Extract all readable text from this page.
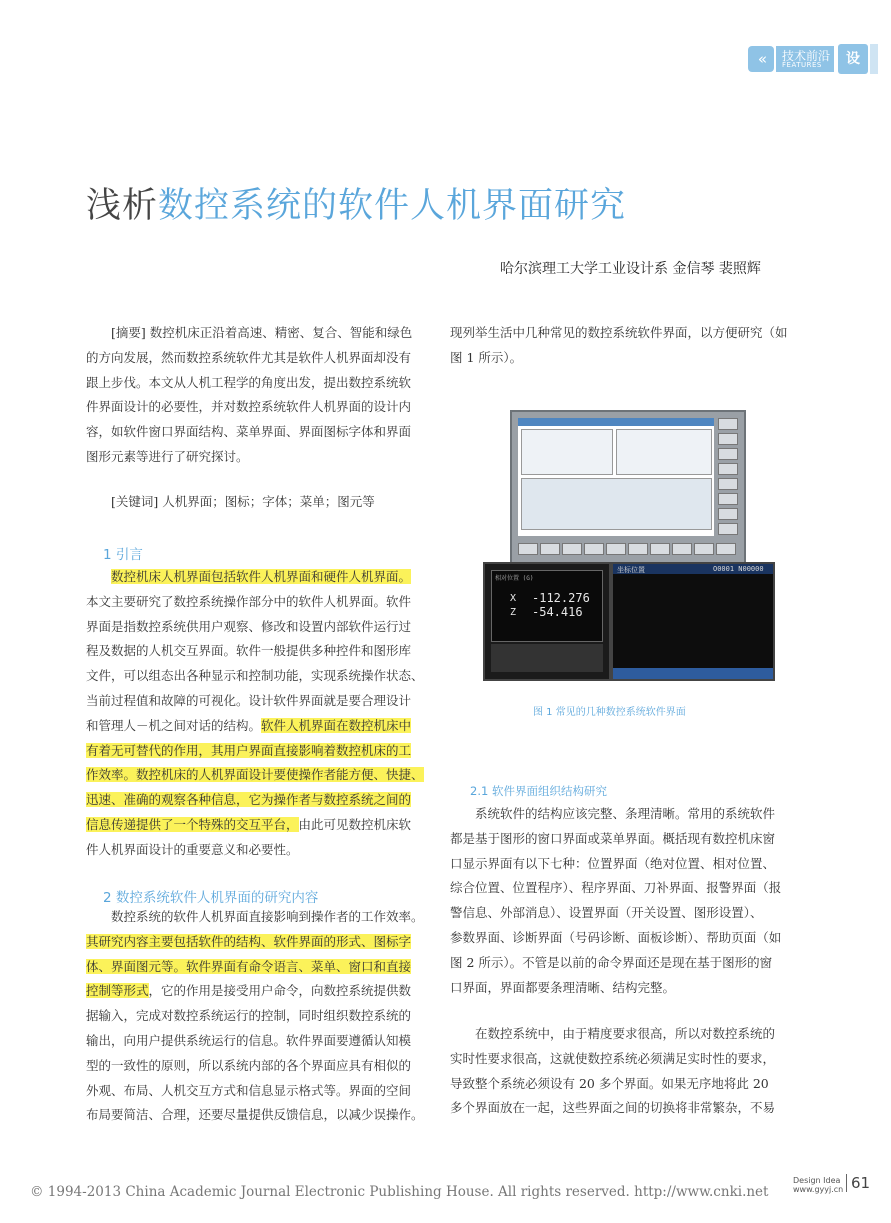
«	技术前沿
FEATURES	设
浅析数控系统的软件人机界面研究
哈尔滨理工大学工业设计系 金信琴 裴照辉
　　[摘要] 数控机床正沿着高速、精密、复合、智能和绿色
的方向发展，然而数控系统软件尤其是软件人机界面却没有
跟上步伐。本文从人机工程学的角度出发，提出数控系统软
件界面设计的必要性，并对数控系统软件人机界面的设计内
容，如软件窗口界面结构、菜单界面、界面图标字体和界面
图形元素等进行了研究探讨。
　　[关键词] 人机界面；图标；字体；菜单；图元等
1 引言
　　数控机床人机界面包括软件人机界面和硬件人机界面。
本文主要研究了数控系统操作部分中的软件人机界面。软件
界面是指数控系统供用户观察、修改和设置内部软件运行过
程及数据的人机交互界面。软件一般提供多种控件和图形库
文件，可以组态出各种显示和控制功能，实现系统操作状态、
当前过程值和故障的可视化。设计软件界面就是要合理设计
和管理人－机之间对话的结构。软件人机界面在数控机床中
有着无可替代的作用，其用户界面直接影响着数控机床的工
作效率。数控机床的人机界面设计要使操作者能方便、快捷、
迅速、准确的观察各种信息，它为操作者与数控系统之间的
信息传递提供了一个特殊的交互平台，由此可见数控机床软
件人机界面设计的重要意义和必要性。
2 数控系统软件人机界面的研究内容
　　数控系统的软件人机界面直接影响到操作者的工作效率。
其研究内容主要包括软件的结构、软件界面的形式、图标字
体、界面图元等。软件界面有命令语言、菜单、窗口和直接
控制等形式，它的作用是接受用户命令，向数控系统提供数
据输入，完成对数控系统运行的控制，同时组织数控系统的
输出，向用户提供系统运行的信息。软件界面要遵循认知模
型的一致性的原则，所以系统内部的各个界面应具有相似的
外观、布局、人机交互方式和信息显示格式等。界面的空间
布局要简洁、合理，还要尽量提供反馈信息，以减少误操作。
现列举生活中几种常见的数控系统软件界面，以方便研究（如
图 1 所示）。
相对位置 (G)
X -112.276
Z -54.416
坐标位置	O0001 N00000
图 1 常见的几种数控系统软件界面
2.1 软件界面组织结构研究
　　系统软件的结构应该完整、条理清晰。常用的系统软件
都是基于图形的窗口界面或菜单界面。概括现有数控机床窗
口显示界面有以下七种：位置界面（绝对位置、相对位置、
综合位置、位置程序）、程序界面、刀补界面、报警界面（报
警信息、外部消息）、设置界面（开关设置、图形设置）、
参数界面、诊断界面（号码诊断、面板诊断）、帮助页面（如
图 2 所示）。不管是以前的命令界面还是现在基于图形的窗
口界面，界面都要条理清晰、结构完整。
　　在数控系统中，由于精度要求很高，所以对数控系统的
实时性要求很高，这就使数控系统必须满足实时性的要求，
导致整个系统必须设有 20 多个界面。如果无序地将此 20
多个界面放在一起，这些界面之间的切换将非常繁杂，不易
© 1994-2013 China Academic Journal Electronic Publishing House. All rights reserved. http://www.cnki.net
Design Idea
www.gyyj.cn 61
